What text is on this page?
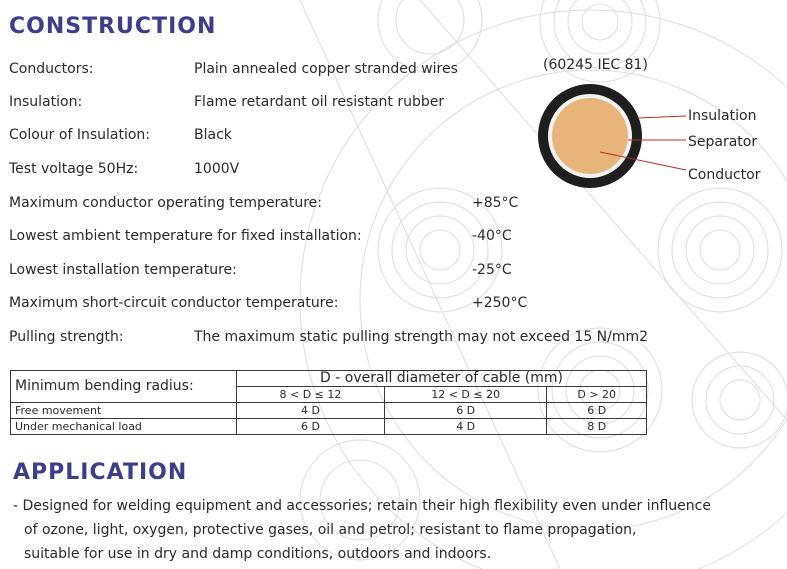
CONSTRUCTION
Conductors:	Plain annealed copper stranded wires
Insulation:	Flame retardant oil resistant rubber
Colour of Insulation:	Black
Test voltage 50Hz:	1000V
Maximum conductor operating temperature:	+85°C
Lowest ambient temperature for fixed installation:	-40°C
Lowest installation temperature:	-25°C
Maximum short-circuit conductor temperature:	+250°C
Pulling strength:	The maximum static pulling strength may not exceed 15 N/mm2
(60245 IEC 81)
Insulation
Separator
Conductor
Minimum bending radius:	D - overall diameter of cable (mm)		
	8 < D ≤ 12	12 < D ≤ 20	D > 20
Free movement	4 D	6 D	6 D
Under mechanical load	6 D	4 D	8 D
APPLICATION
- Designed for welding equipment and accessories; retain their high flexibility even under influence
of ozone, light, oxygen, protective gases, oil and petrol; resistant to flame propagation,
suitable for use in dry and damp conditions, outdoors and indoors.
